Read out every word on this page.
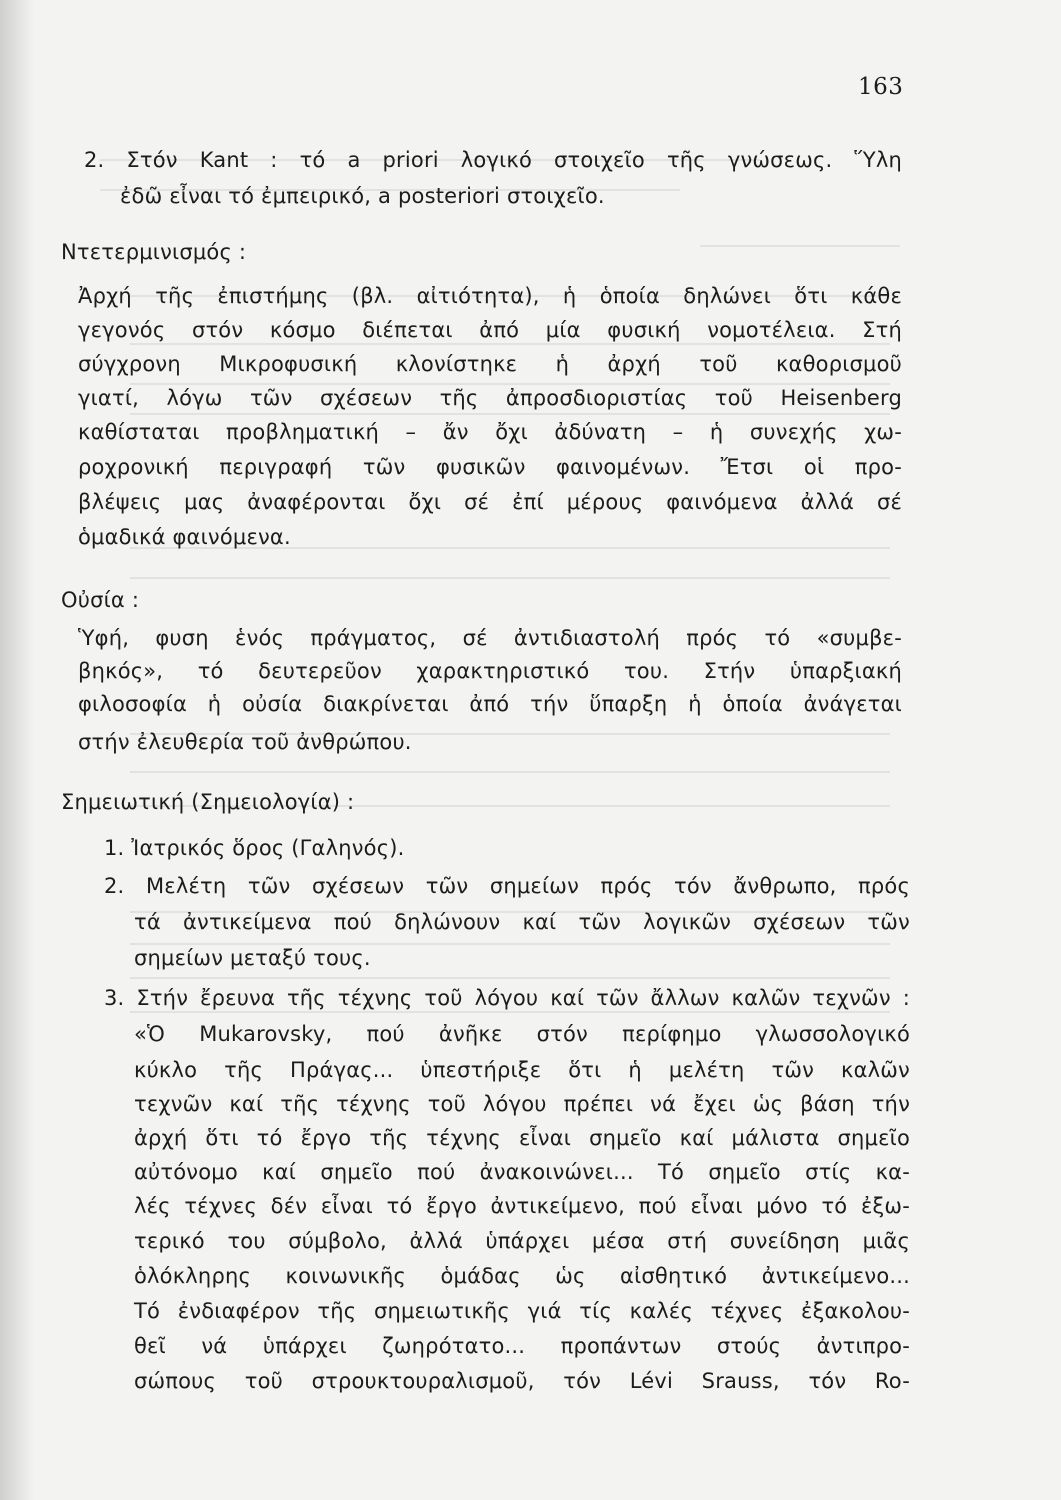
163
2. Στόν Kant : τό a priori λογικό στοιχεῖο τῆς γνώσεως. Ὕλη
ἐδῶ εἶναι τό ἐμπειρικό, a posteriori στοιχεῖο.
Ντετερμινισμός :
Ἀρχή τῆς ἐπιστήμης (βλ. αἰτιότητα), ἡ ὁποία δηλώνει ὅτι κάθε
γεγονός στόν κόσμο διέπεται ἀπό μία φυσική νομοτέλεια. Στή
σύγχρονη Μικροφυσική κλονίστηκε ἡ ἀρχή τοῦ καθορισμοῦ
γιατί, λόγω τῶν σχέσεων τῆς ἀπροσδιοριστίας τοῦ Heisenberg
καθίσταται προβληματική – ἄν ὄχι ἀδύνατη – ἡ συνεχής χω-
ροχρονική περιγραφή τῶν φυσικῶν φαινομένων. Ἔτσι οἱ προ-
βλέψεις μας ἀναφέρονται ὄχι σέ ἐπί μέρους φαινόμενα ἀλλά σέ
ὁμαδικά φαινόμενα.
Οὐσία :
Ὑφή, φυση ἑνός πράγματος, σέ ἀντιδιαστολή πρός τό «συμβε-
βηκός», τό δευτερεῦον χαρακτηριστικό του. Στήν ὑπαρξιακή
φιλοσοφία ἡ οὐσία διακρίνεται ἀπό τήν ὕπαρξη ἡ ὁποία ἀνάγεται
στήν ἐλευθερία τοῦ ἀνθρώπου.
Σημειωτική (Σημειολογία) :
1. Ἰατρικός ὅρος (Γαληνός).
2. Μελέτη τῶν σχέσεων τῶν σημείων πρός τόν ἄνθρωπο, πρός
τά ἀντικείμενα πού δηλώνουν καί τῶν λογικῶν σχέσεων τῶν
σημείων μεταξύ τους.
3. Στήν ἔρευνα τῆς τέχνης τοῦ λόγου καί τῶν ἄλλων καλῶν τεχνῶν :
«Ὁ Mukarovsky, πού ἀνῆκε στόν περίφημο γλωσσολογικό
κύκλο τῆς Πράγας... ὑπεστήριξε ὅτι ἡ μελέτη τῶν καλῶν
τεχνῶν καί τῆς τέχνης τοῦ λόγου πρέπει νά ἔχει ὡς βάση τήν
ἀρχή ὅτι τό ἔργο τῆς τέχνης εἶναι σημεῖο καί μάλιστα σημεῖο
αὐτόνομο καί σημεῖο πού ἀνακοινώνει... Τό σημεῖο στίς κα-
λές τέχνες δέν εἶναι τό ἔργο ἀντικείμενο, πού εἶναι μόνο τό ἐξω-
τερικό του σύμβολο, ἀλλά ὑπάρχει μέσα στή συνείδηση μιᾶς
ὁλόκληρης κοινωνικῆς ὁμάδας ὡς αἰσθητικό ἀντικείμενο...
Τό ἐνδιαφέρον τῆς σημειωτικῆς γιά τίς καλές τέχνες ἐξακολου-
θεῖ νά ὑπάρχει ζωηρότατο... προπάντων στούς ἀντιπρο-
σώπους τοῦ στρουκτουραλισμοῦ, τόν Lévi Srauss, τόν Ro-
